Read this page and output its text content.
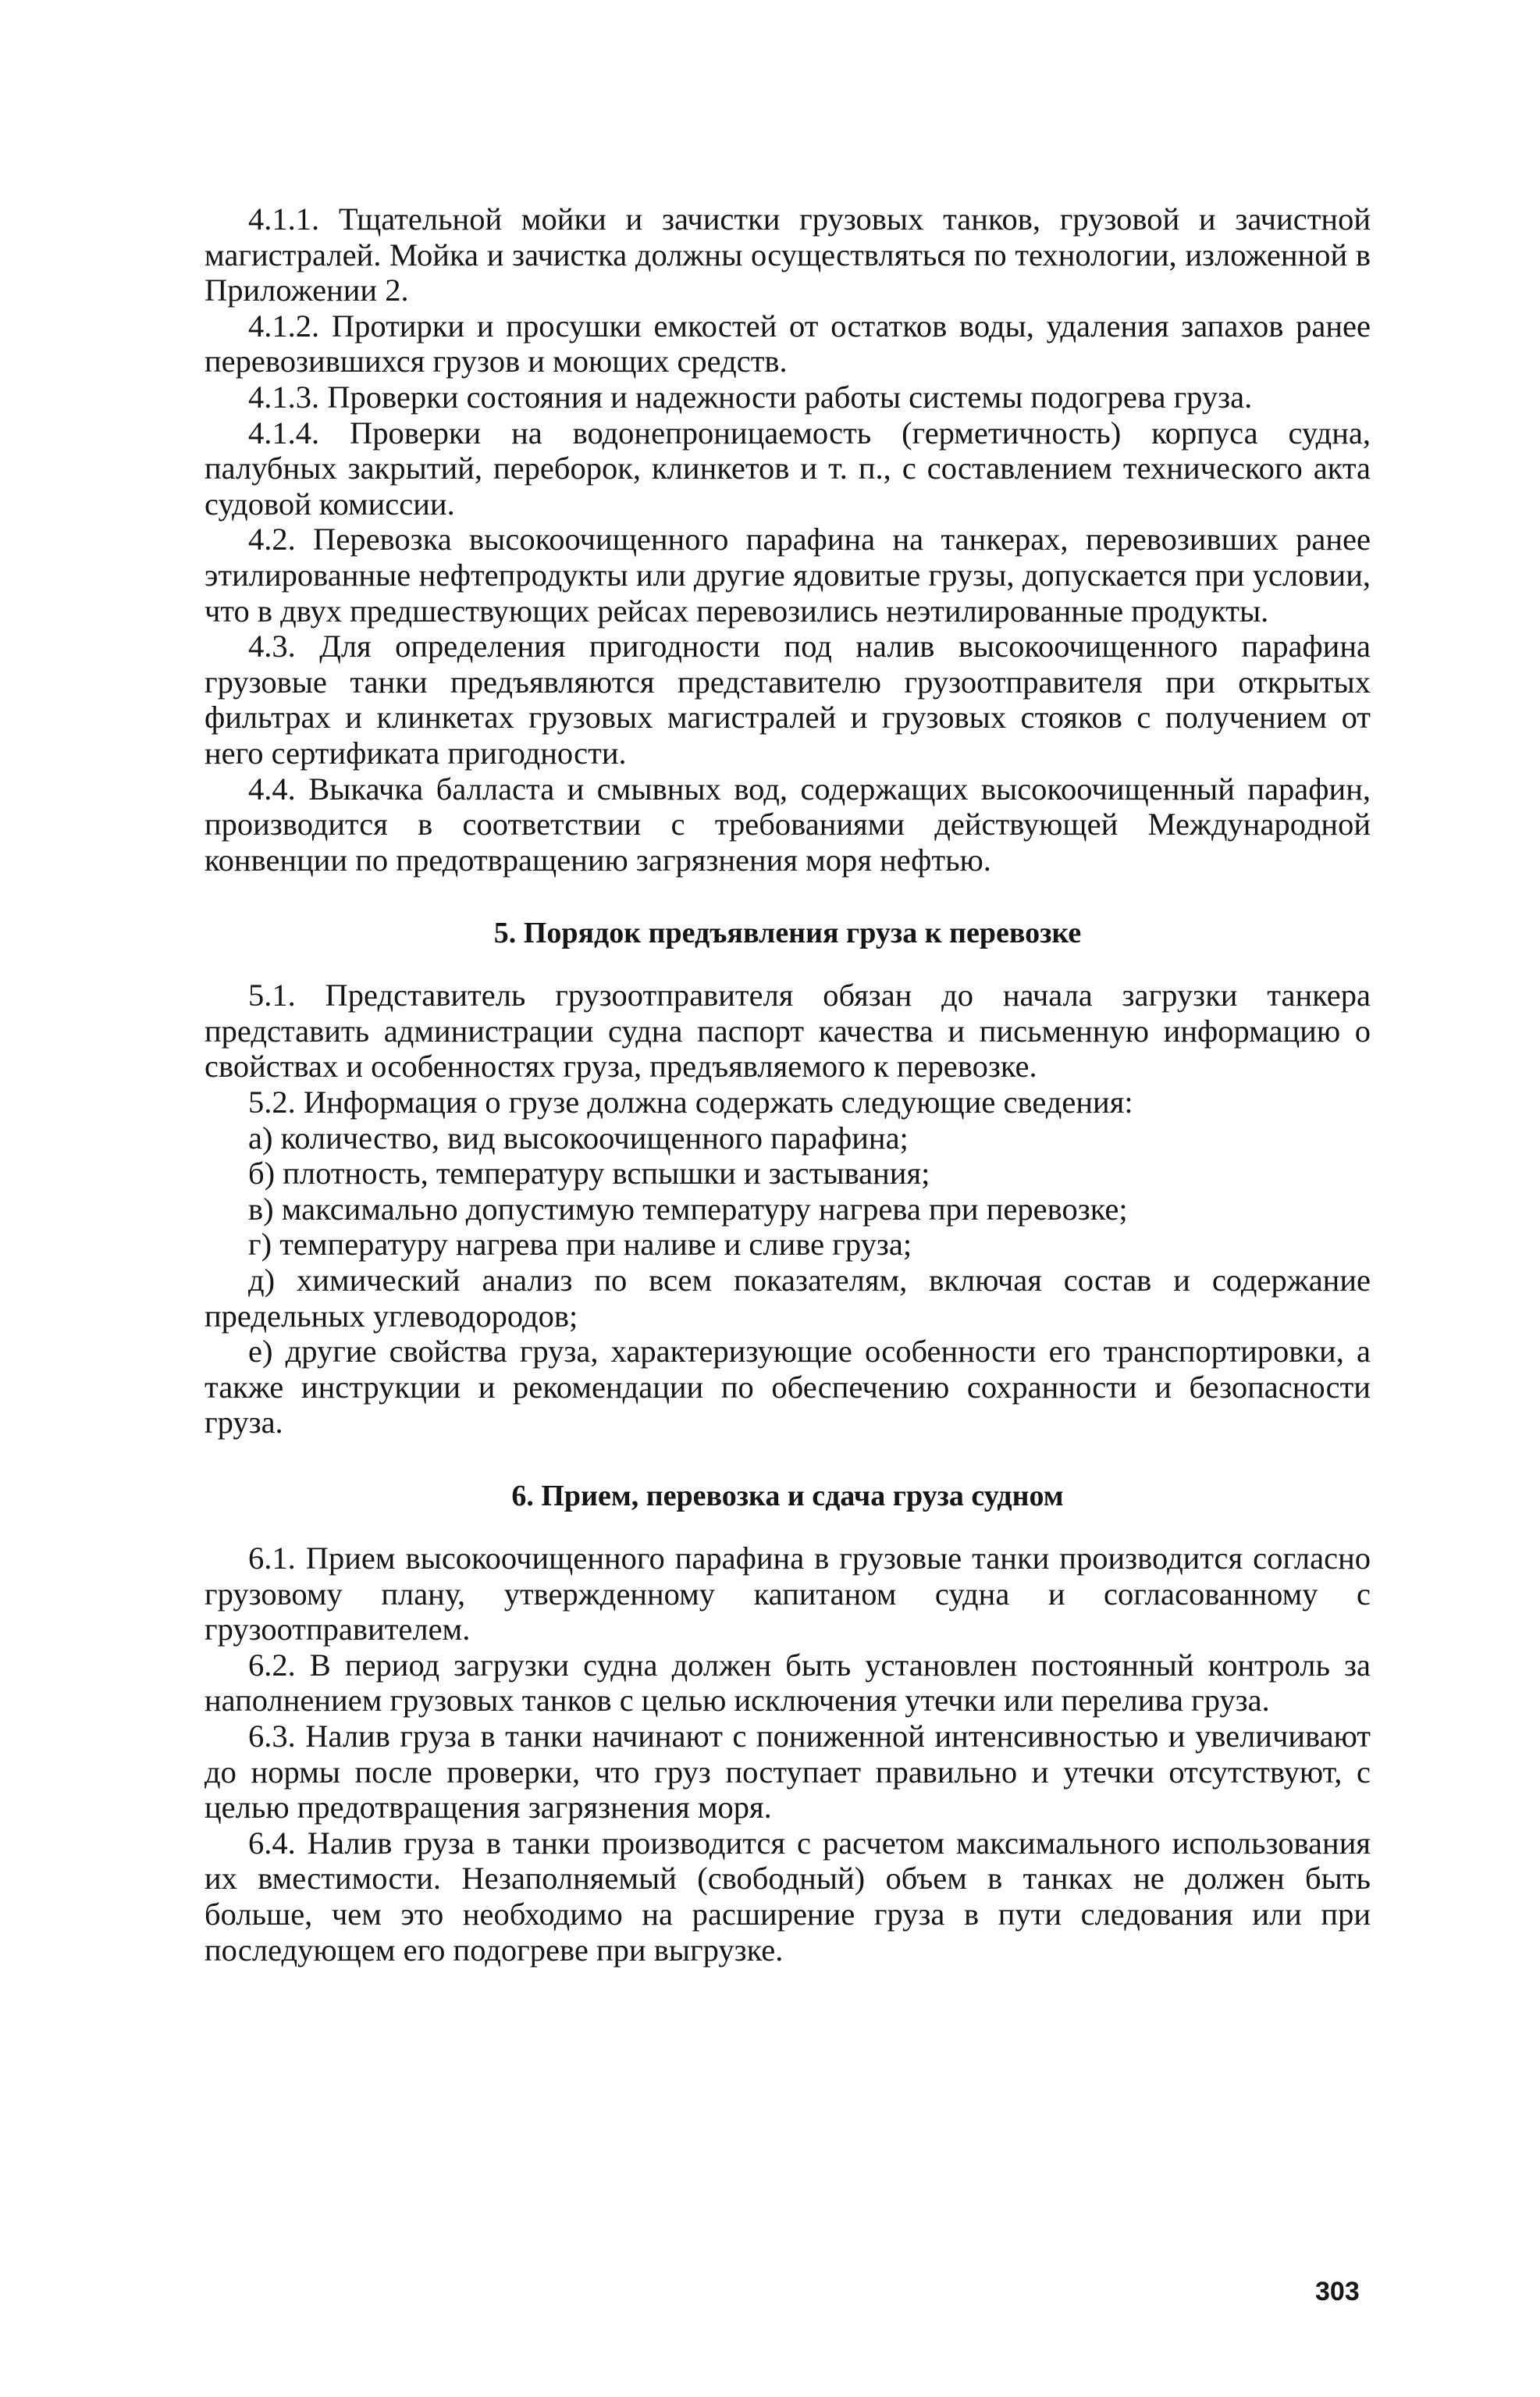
4.1.1. Тщательной мойки и зачистки грузовых танков, грузовой и зачистной магистралей. Мойка и зачистка должны осуществляться по технологии, изложенной в Приложении 2.

4.1.2. Протирки и просушки емкостей от остатков воды, удаления запахов ранее перевозившихся грузов и моющих средств.

4.1.3. Проверки состояния и надежности работы системы подогрева груза.

4.1.4. Проверки на водонепроницаемость (герметичность) корпуса судна, палубных закрытий, переборок, клинкетов и т. п., с составлением технического акта судовой комиссии.

4.2. Перевозка высокоочищенного парафина на танкерах, перевозивших ранее этилированные нефтепродукты или другие ядовитые грузы, допускается при условии, что в двух предшествующих рейсах перевозились неэтилированные продукты.

4.3. Для определения пригодности под налив высокоочищенного парафина грузовые танки предъявляются представителю грузоотправителя при открытых фильтрах и клинкетах грузовых магистралей и грузовых стояков с получением от него сертификата пригодности.

4.4. Выкачка балласта и смывных вод, содержащих высокоочищенный парафин, производится в соответствии с требованиями действующей Международной конвенции по предотвращению загрязнения моря нефтью.

5. Порядок предъявления груза к перевозке

5.1. Представитель грузоотправителя обязан до начала загрузки танкера представить администрации судна паспорт качества и письменную информацию о свойствах и особенностях груза, предъявляемого к перевозке.

5.2. Информация о грузе должна содержать следующие сведения:

а) количество, вид высокоочищенного парафина;

б) плотность, температуру вспышки и застывания;

в) максимально допустимую температуру нагрева при перевозке;

г) температуру нагрева при наливе и сливе груза;

д) химический анализ по всем показателям, включая состав и содержание предельных углеводородов;

е) другие свойства груза, характеризующие особенности его транспортировки, а также инструкции и рекомендации по обеспечению сохранности и безопасности груза.

6. Прием, перевозка и сдача груза судном

6.1. Прием высокоочищенного парафина в грузовые танки производится согласно грузовому плану, утвержденному капитаном судна и согласованному с грузоотправителем.

6.2. В период загрузки судна должен быть установлен постоянный контроль за наполнением грузовых танков с целью исключения утечки или перелива груза.

6.3. Налив груза в танки начинают с пониженной интенсивностью и увеличивают до нормы после проверки, что груз поступает правильно и утечки отсутствуют, с целью предотвращения загрязнения моря.

6.4. Налив груза в танки производится с расчетом максимального использования их вместимости. Незаполняемый (свободный) объем в танках не должен быть больше, чем это необходимо на расширение груза в пути следования или при последующем его подогреве при выгрузке.

303
